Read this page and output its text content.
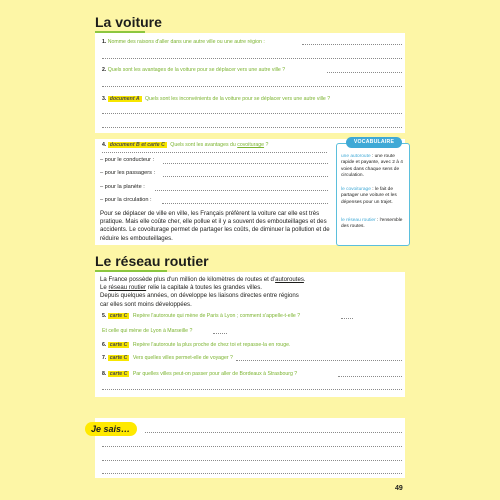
La voiture
1. Nomme des raisons d'aller dans une autre ville ou une autre région :
2. Quels sont les avantages de la voiture pour se déplacer vers une autre ville ?
3. document A Quels sont les inconvénients de la voiture pour se déplacer vers une autre ville ?
4. document B et carte C Quels sont les avantages du covoiturage ?
– pour le conducteur :
– pour les passagers :
– pour la planète :
– pour la circulation :
Pour se déplacer de ville en ville, les Français préfèrent la voiture car elle est très pratique. Mais elle coûte cher, elle pollue et il y a souvent des embouteillages et des accidents. Le covoiturage permet de partager les coûts, de diminuer la pollution et de réduire les embouteillages.
VOCABULAIRE
une autoroute : une route rapide et payante, avec 2 à 4 voies dans chaque sens de circulation.
le covoiturage : le fait de partager une voiture et les dépenses pour un trajet.
le réseau routier : l'ensemble des routes.
Le réseau routier
La France possède plus d'un million de kilomètres de routes et d'autoroutes.
Le réseau routier relie la capitale à toutes les grandes villes.
Depuis quelques années, on développe les liaisons directes entre régions
car elles sont moins développées.
5. carte C Repère l'autoroute qui mène de Paris à Lyon ; comment s'appelle-t-elle ?
Et celle qui mène de Lyon à Marseille ?
6. carte C Repère l'autoroute la plus proche de chez toi et repasse-la en rouge.
7. carte C Vers quelles villes permet-elle de voyager ?
8. carte C Par quelles villes peut-on passer pour aller de Bordeaux à Strasbourg ?
Je sais…
49
